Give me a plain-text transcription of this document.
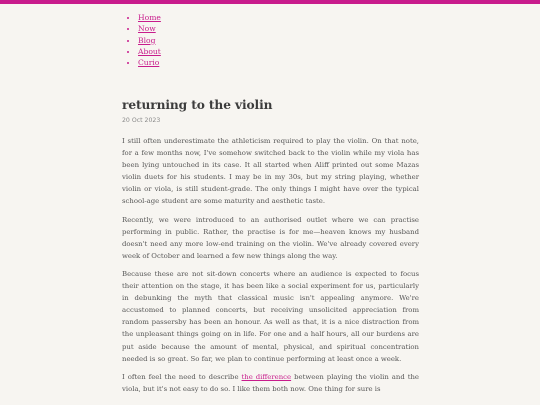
• Home
• Now
• Blog
• About
• Curio
returning to the violin

20 Oct 2023

I still often underestimate the athleticism required to play the violin. On that note, for a few months now, I've somehow switched back to the violin while my viola has been lying untouched in its case. It all started when Aliff printed out some Mazas violin duets for his students. I may be in my 30s, but my string playing, whether violin or viola, is still student-grade. The only things I might have over the typical school-age student are some maturity and aesthetic taste.

Recently, we were introduced to an authorised outlet where we can practise performing in public. Rather, the practise is for me—heaven knows my husband doesn't need any more low-end training on the violin. We've already covered every week of October and learned a few new things along the way.

Because these are not sit-down concerts where an audience is expected to focus their attention on the stage, it has been like a social experiment for us, particularly in debunking the myth that classical music isn't appealing anymore. We're accustomed to planned concerts, but receiving unsolicited appreciation from random passersby has been an honour. As well as that, it is a nice distraction from the unpleasant things going on in life. For one and a half hours, all our burdens are put aside because the amount of mental, physical, and spiritual concentration needed is so great. So far, we plan to continue performing at least once a week.

I often feel the need to describe the difference between playing the violin and the viola, but it's not easy to do so. I like them both now. One thing for sure is
